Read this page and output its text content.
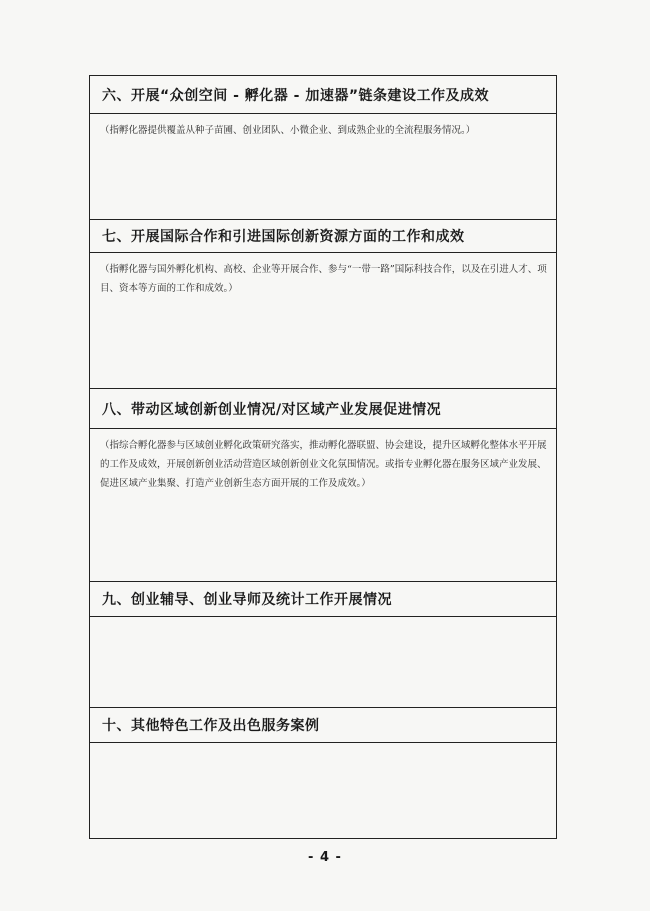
六、开展“众创空间 - 孵化器 - 加速器”链条建设工作及成效

（指孵化器提供覆盖从种子苗圃、创业团队、小微企业、到成熟企业的全流程服务情况。）

七、开展国际合作和引进国际创新资源方面的工作和成效

（指孵化器与国外孵化机构、高校、企业等开展合作、参与“一带一路”国际科技合作，以及在引进人才、项目、资本等方面的工作和成效。）

八、带动区域创新创业情况/对区域产业发展促进情况

（指综合孵化器参与区域创业孵化政策研究落实，推动孵化器联盟、协会建设，提升区域孵化整体水平开展的工作及成效，开展创新创业活动营造区域创新创业文化氛围情况。或指专业孵化器在服务区域产业发展、促进区域产业集聚、打造产业创新生态方面开展的工作及成效。）

九、创业辅导、创业导师及统计工作开展情况
十、其他特色工作及出色服务案例
- 4 -
